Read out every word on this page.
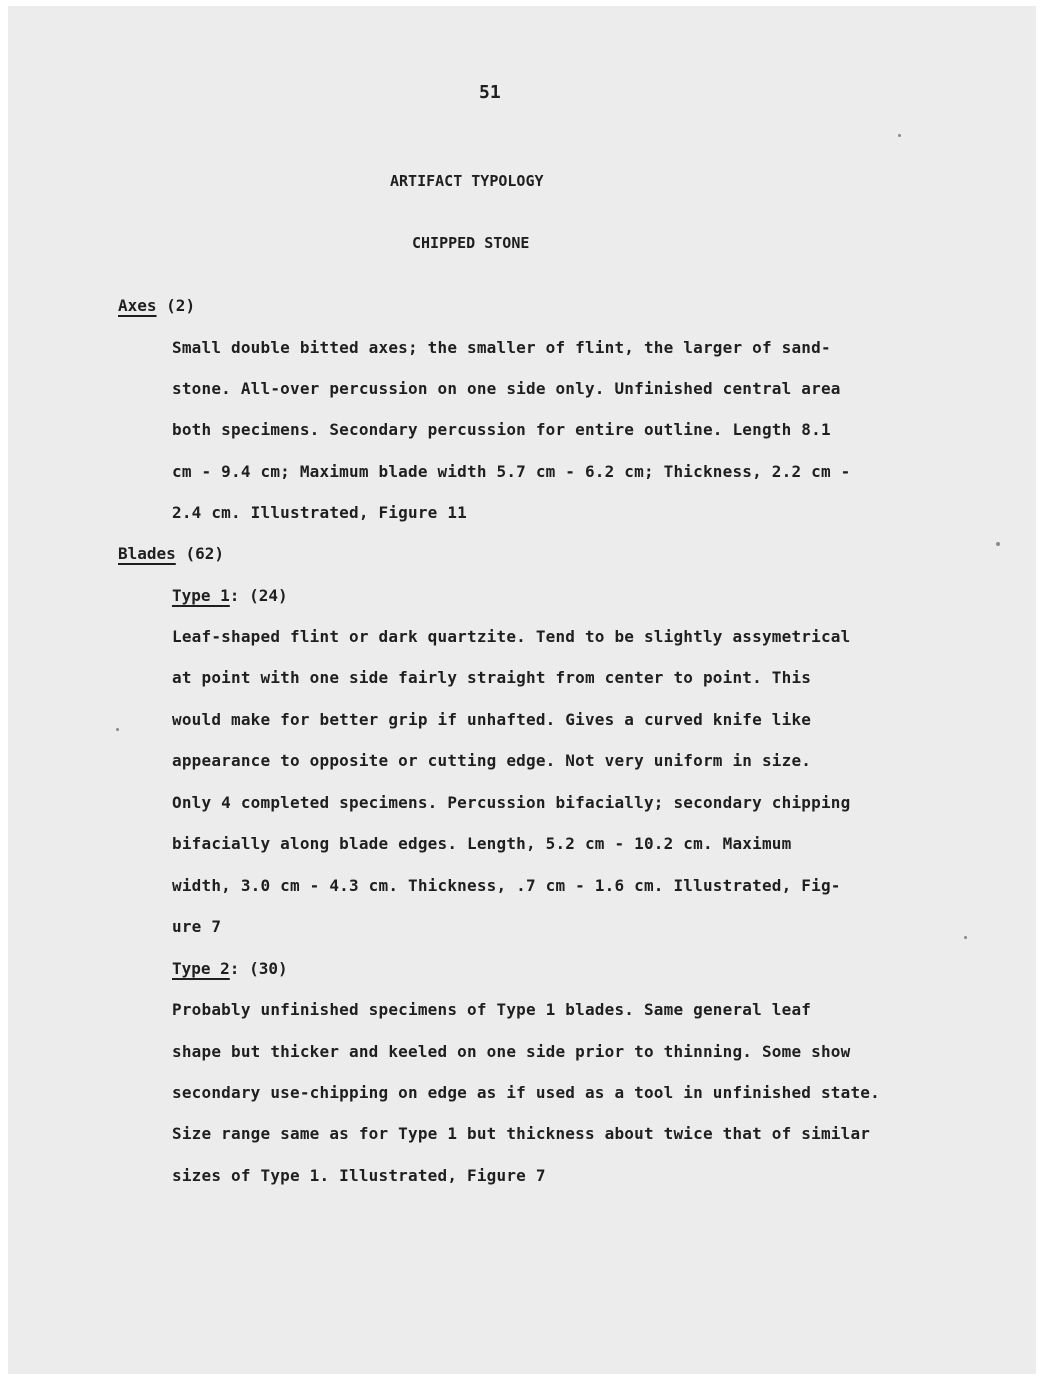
51
ARTIFACT TYPOLOGY
CHIPPED STONE
Axes (2)
Small double bitted axes; the smaller of flint, the larger of sand-
stone. All-over percussion on one side only. Unfinished central area
both specimens. Secondary percussion for entire outline. Length 8.1
cm - 9.4 cm; Maximum blade width 5.7 cm - 6.2 cm; Thickness, 2.2 cm -
2.4 cm. Illustrated, Figure 11
Blades (62)
Type 1: (24)
Leaf-shaped flint or dark quartzite. Tend to be slightly assymetrical
at point with one side fairly straight from center to point. This
would make for better grip if unhafted. Gives a curved knife like
appearance to opposite or cutting edge. Not very uniform in size.
Only 4 completed specimens. Percussion bifacially; secondary chipping
bifacially along blade edges. Length, 5.2 cm - 10.2 cm. Maximum
width, 3.0 cm - 4.3 cm. Thickness, .7 cm - 1.6 cm. Illustrated, Fig-
ure 7
Type 2: (30)
Probably unfinished specimens of Type 1 blades. Same general leaf
shape but thicker and keeled on one side prior to thinning. Some show
secondary use-chipping on edge as if used as a tool in unfinished state.
Size range same as for Type 1 but thickness about twice that of similar
sizes of Type 1. Illustrated, Figure 7
